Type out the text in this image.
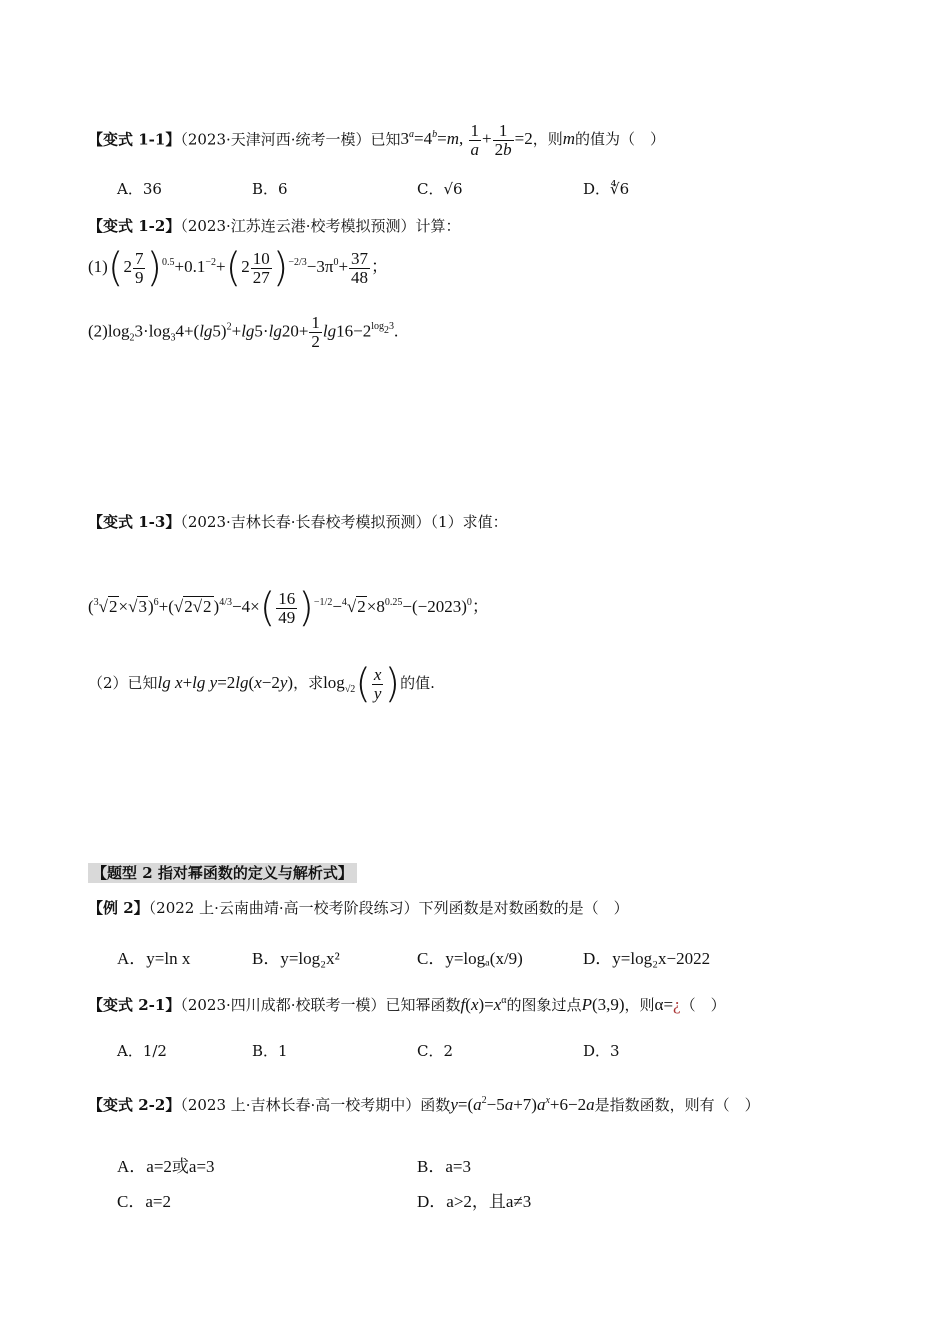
【变式 1-1】（2023·天津河西·统考一模）已知$3^a=4^b=m$, $\frac{1}{a} + \frac{1}{2b} =2$，则m的值为（　）
A．36	B．6	C．√6	D．∜6
【变式 1-2】（2023·江苏连云港·校考模拟预测）计算：
$(1)(2 \frac{7}{9} )^{0.5}+0.1^{-2}+(2 \frac{10}{27} )^{-2/3}-3\pi^0+ \frac{37}{48}$ ；
$(2)\log_23\cdot\log_34+(\lg 5)^2+\lg 5\cdot\lg 20+ \frac{1}{2} \lg 16-2^{log_23}$.
【变式 1-3】（2023·吉林长春·长春校考模拟预测）（1）求值：
$(^3√2\times√3)^6+(√2√2$ )$^{4/3}-4\times( \frac{16}{49} )^{-1/2}-^4√2\times 8^{0.25}-(-2023)^0$；
（2）已知lg x+lg y=2lg(x−2y)，求$\log_{√2}( \frac{x}{y}$ )的值.
【题型 2 指对幂函数的定义与解析式】
【例 2】（2022 上·云南曲靖·高一校考阶段练习）下列函数是对数函数的是（　）
A．y=ln x	B．y=log₂x²	C．y=logₐ(x/9)	D．y=log₂x−2022
【变式 2-1】（2023·四川成都·校联考一模）已知幂函数$f(x)=x^\alpha$的图象过点P(3,9)，则α=¿（　）
A．1/2	B．1	C．2	D．3
【变式 2-2】（2023 上·吉林长春·高一校考期中）函数$y=(a^2-5a+7)a^x+6-2a$是指数函数，则有（　）
A．a=2或a=3	B．a=3
C．a=2	D．a>2，且a≠3
